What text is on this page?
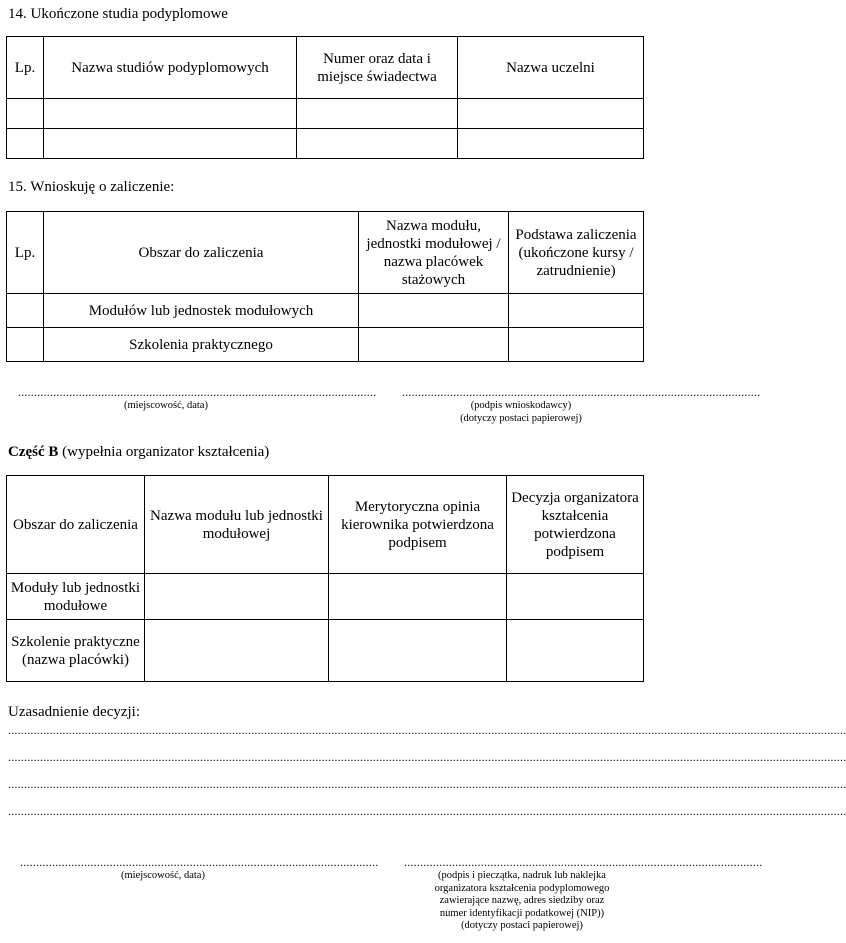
14. Ukończone studia podyplomowe
Lp.	Nazwa studiów podyplomowych	Numer oraz data i miejsce świadectwa	Nazwa uczelni

15. Wnioskuję o zaliczenie:
Lp.	Obszar do zaliczenia	Nazwa modułu, jednostki modułowej / nazwa placówek stażowych	Podstawa zaliczenia (ukończone kursy / zatrudnienie)
	Modułów lub jednostek modułowych		
	Szkolenia praktycznego		
................................................................................................................
(miejscowość, data)
................................................................................................................
(podpis wnioskodawcy)
(dotyczy postaci papierowej)
Część B (wypełnia organizator kształcenia)
Obszar do zaliczenia	Nazwa modułu lub jednostki modułowej	Merytoryczna opinia kierownika potwierdzona podpisem	Decyzja organizatora kształcenia potwierdzona podpisem
Moduły lub jednostki modułowe			
Szkolenie praktyczne (nazwa placówki)			
Uzasadnienie decyzji:
......................................................................................................................................................................................................................................................................
......................................................................................................................................................................................................................................................................
......................................................................................................................................................................................................................................................................
......................................................................................................................................................................................................................................................................
................................................................................................................
(miejscowość, data)
................................................................................................................
(podpis i pieczątka, nadruk lub naklejka
organizatora kształcenia podyplomowego
zawierające nazwę, adres siedziby oraz
numer identyfikacji podatkowej (NIP))
(dotyczy postaci papierowej)
